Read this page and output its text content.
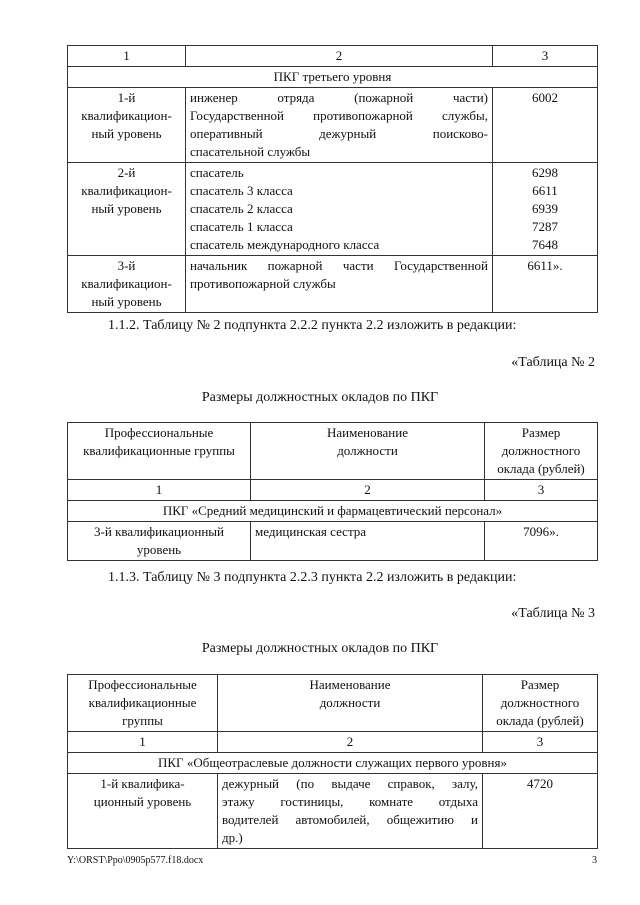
1	2	3
ПКГ третьего уровня		

1-й
квалификацион-
ный уровень	инженер отряда (пожарной части)
Государственной противопожарной службы,
оперативный дежурный поисково-
спасательной службы	6002

2-й
квалификацион-
ный уровень	спасатель
спасатель 3 класса
спасатель 2 класса
спасатель 1 класса
спасатель международного класса	6298
6611
6939
7287
7648

3-й
квалификацион-
ный уровень	начальник пожарной части Государственной
противопожарной службы	6611».
1.1.2. Таблицу № 2 подпункта 2.2.2 пункта 2.2 изложить в редакции:
«Таблица № 2
Размеры должностных окладов по ПКГ
Профессиональные
квалификационные группы	Наименование
должности	Размер
должностного
оклада (рублей)

1	2	3
ПКГ «Средний медицинский и фармацевтический персонал»		

3-й квалификационный
уровень	медицинская сестра	7096».
1.1.3. Таблицу № 3 подпункта 2.2.3 пункта 2.2 изложить в редакции:
«Таблица № 3
Размеры должностных окладов по ПКГ
Профессиональные
квалификационные
группы	Наименование
должности	Размер
должностного
оклада (рублей)

1	2	3
ПКГ «Общеотраслевые должности служащих первого уровня»		

1-й квалифика-
ционный уровень	дежурный (по выдаче справок, залу,
этажу гостиницы, комнате отдыха
водителей автомобилей, общежитию и
др.)	4720
Y:\ORST\Ppo\0905p577.f18.docx	3
